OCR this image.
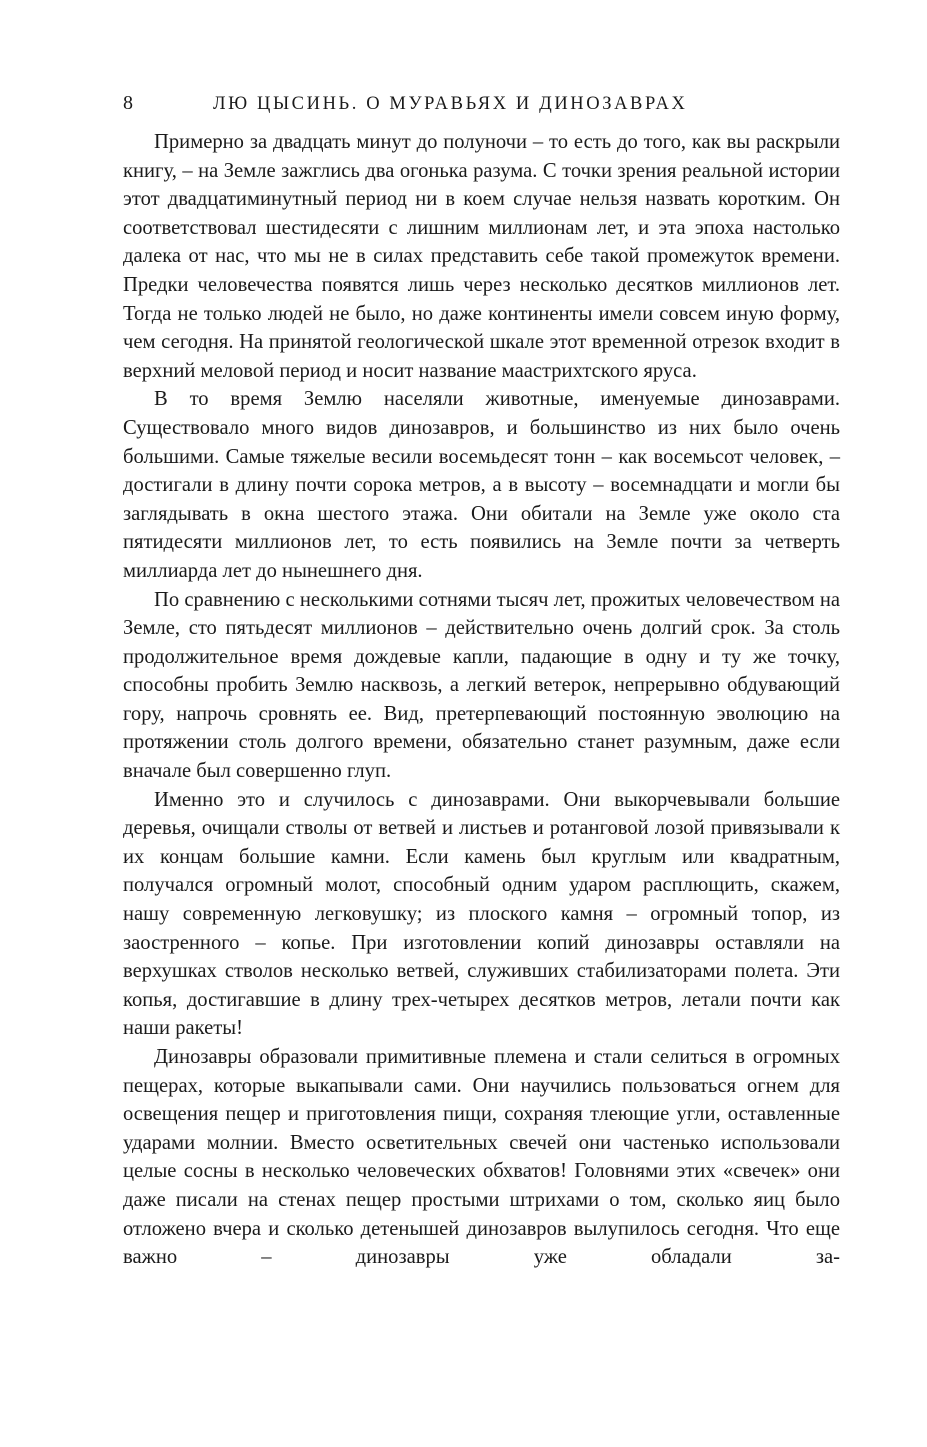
8	ЛЮ ЦЫСИНЬ. О МУРАВЬЯХ И ДИНОЗАВРАХ

Примерно за двадцать минут до полуночи – то есть до того, как вы раскрыли книгу, – на Земле зажглись два огонька разума. С точки зрения реальной истории этот двадцатиминутный период ни в коем случае нельзя назвать коротким. Он соответствовал шестидесяти с лишним миллионам лет, и эта эпоха настолько далека от нас, что мы не в силах представить себе такой промежуток времени. Предки человечества появятся лишь через несколько десятков миллионов лет. Тогда не только людей не было, но даже континенты имели совсем иную форму, чем сегодня. На принятой геологической шкале этот временной отрезок входит в верхний меловой период и носит название маастрихтского яруса.

В то время Землю населяли животные, именуемые динозаврами. Существовало много видов динозавров, и большинство из них было очень большими. Самые тяжелые весили восемьдесят тонн – как восемьсот человек, – достигали в длину почти сорока метров, а в высоту – восемнадцати и могли бы заглядывать в окна шестого этажа. Они обитали на Земле уже около ста пятидесяти миллионов лет, то есть появились на Земле почти за четверть миллиарда лет до нынешнего дня.

По сравнению с несколькими сотнями тысяч лет, прожитых человечеством на Земле, сто пятьдесят миллионов – действительно очень долгий срок. За столь продолжительное время дождевые капли, падающие в одну и ту же точку, способны пробить Землю насквозь, а легкий ветерок, непрерывно обдувающий гору, напрочь сровнять ее. Вид, претерпевающий постоянную эволюцию на протяжении столь долгого времени, обязательно станет разумным, даже если вначале был совершенно глуп.

Именно это и случилось с динозаврами. Они выкорчевывали большие деревья, очищали стволы от ветвей и листьев и ротанговой лозой привязывали к их концам большие камни. Если камень был круглым или квадратным, получался огромный молот, способный одним ударом расплющить, скажем, нашу современную легковушку; из плоского камня – огромный топор, из заостренного – копье. При изготовлении копий динозавры оставляли на верхушках стволов несколько ветвей, служивших стабилизаторами полета. Эти копья, достигавшие в длину трех-четырех десятков метров, летали почти как наши ракеты!

Динозавры образовали примитивные племена и стали селиться в огромных пещерах, которые выкапывали сами. Они научились пользоваться огнем для освещения пещер и приготовления пищи, сохраняя тлеющие угли, оставленные ударами молнии. Вместо осветительных свечей они частенько использовали целые сосны в несколько человеческих обхватов! Головнями этих «свечек» они даже писали на стенах пещер простыми штрихами о том, сколько яиц было отложено вчера и сколько детенышей динозавров вылупилось сегодня. Что еще важно – динозавры уже обладали за-
